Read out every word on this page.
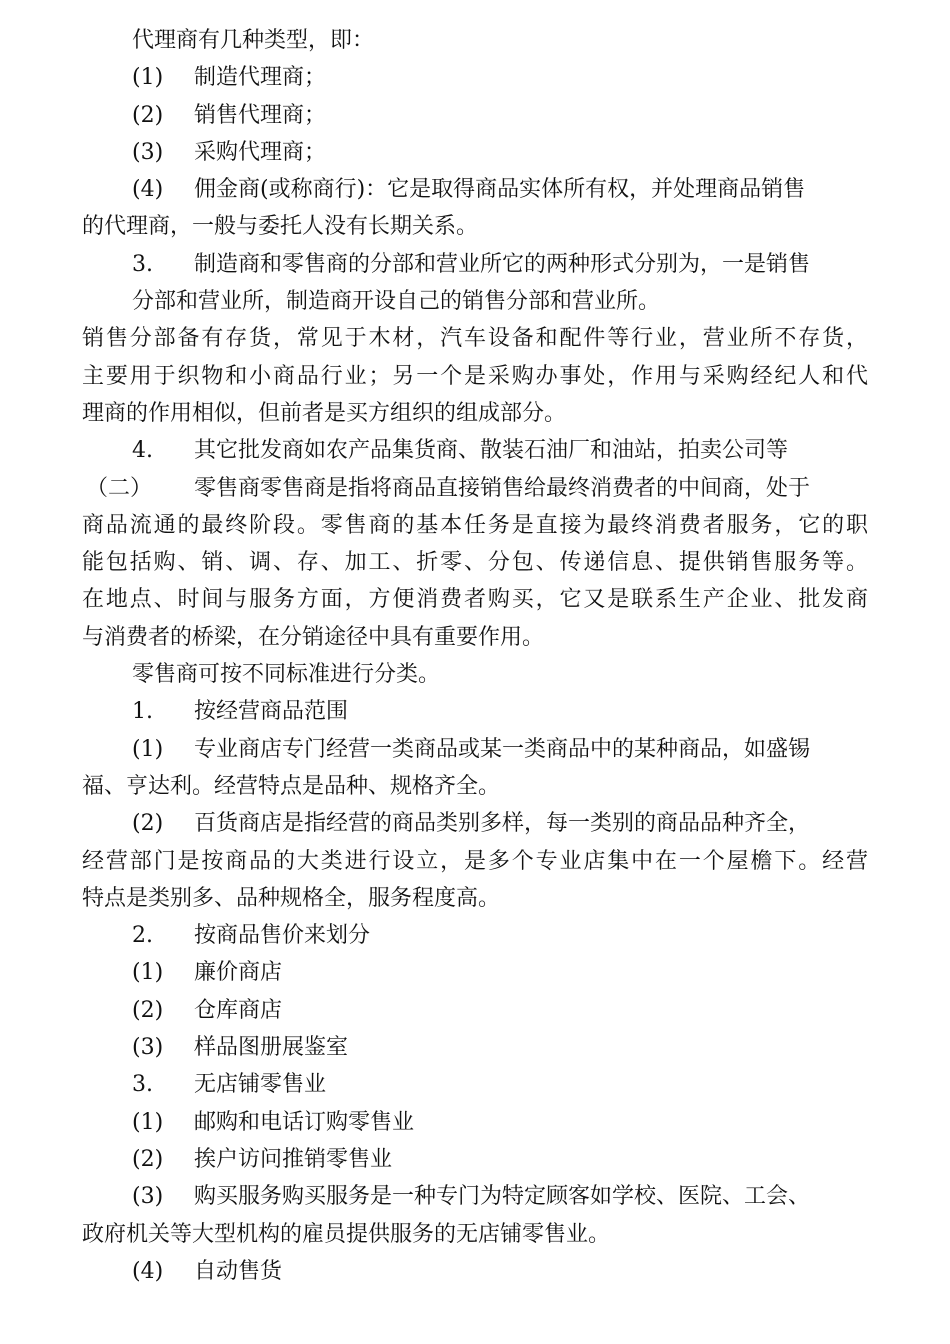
代理商有几种类型，即：

(1) 制造代理商；

(2) 销售代理商；

(3) 采购代理商；

(4) 佣金商(或称商行)：它是取得商品实体所有权，并处理商品销售

的代理商，一般与委托人没有长期关系。

3. 制造商和零售商的分部和营业所它的两种形式分别为，一是销售

分部和营业所，制造商开设自己的销售分部和营业所。

销售分部备有存货，常见于木材，汽车设备和配件等行业，营业所不存货，

主要用于织物和小商品行业；另一个是采购办事处，作用与采购经纪人和代

理商的作用相似，但前者是买方组织的组成部分。

4. 其它批发商如农产品集货商、散装石油厂和油站，拍卖公司等

（二） 零售商零售商是指将商品直接销售给最终消费者的中间商，处于

商品流通的最终阶段。零售商的基本任务是直接为最终消费者服务，它的职

能包括购、销、调、存、加工、折零、分包、传递信息、提供销售服务等。

在地点、时间与服务方面，方便消费者购买，它又是联系生产企业、批发商

与消费者的桥梁，在分销途径中具有重要作用。

零售商可按不同标准进行分类。

1. 按经营商品范围

(1) 专业商店专门经营一类商品或某一类商品中的某种商品，如盛锡

福、亨达利。经营特点是品种、规格齐全。

(2) 百货商店是指经营的商品类别多样，每一类别的商品品种齐全，

经营部门是按商品的大类进行设立，是多个专业店集中在一个屋檐下。经营

特点是类别多、品种规格全，服务程度高。

2. 按商品售价来划分

(1) 廉价商店

(2) 仓库商店

(3) 样品图册展鉴室

3. 无店铺零售业

(1) 邮购和电话订购零售业

(2) 挨户访问推销零售业

(3) 购买服务购买服务是一种专门为特定顾客如学校、医院、工会、

政府机关等大型机构的雇员提供服务的无店铺零售业。

(4) 自动售货
